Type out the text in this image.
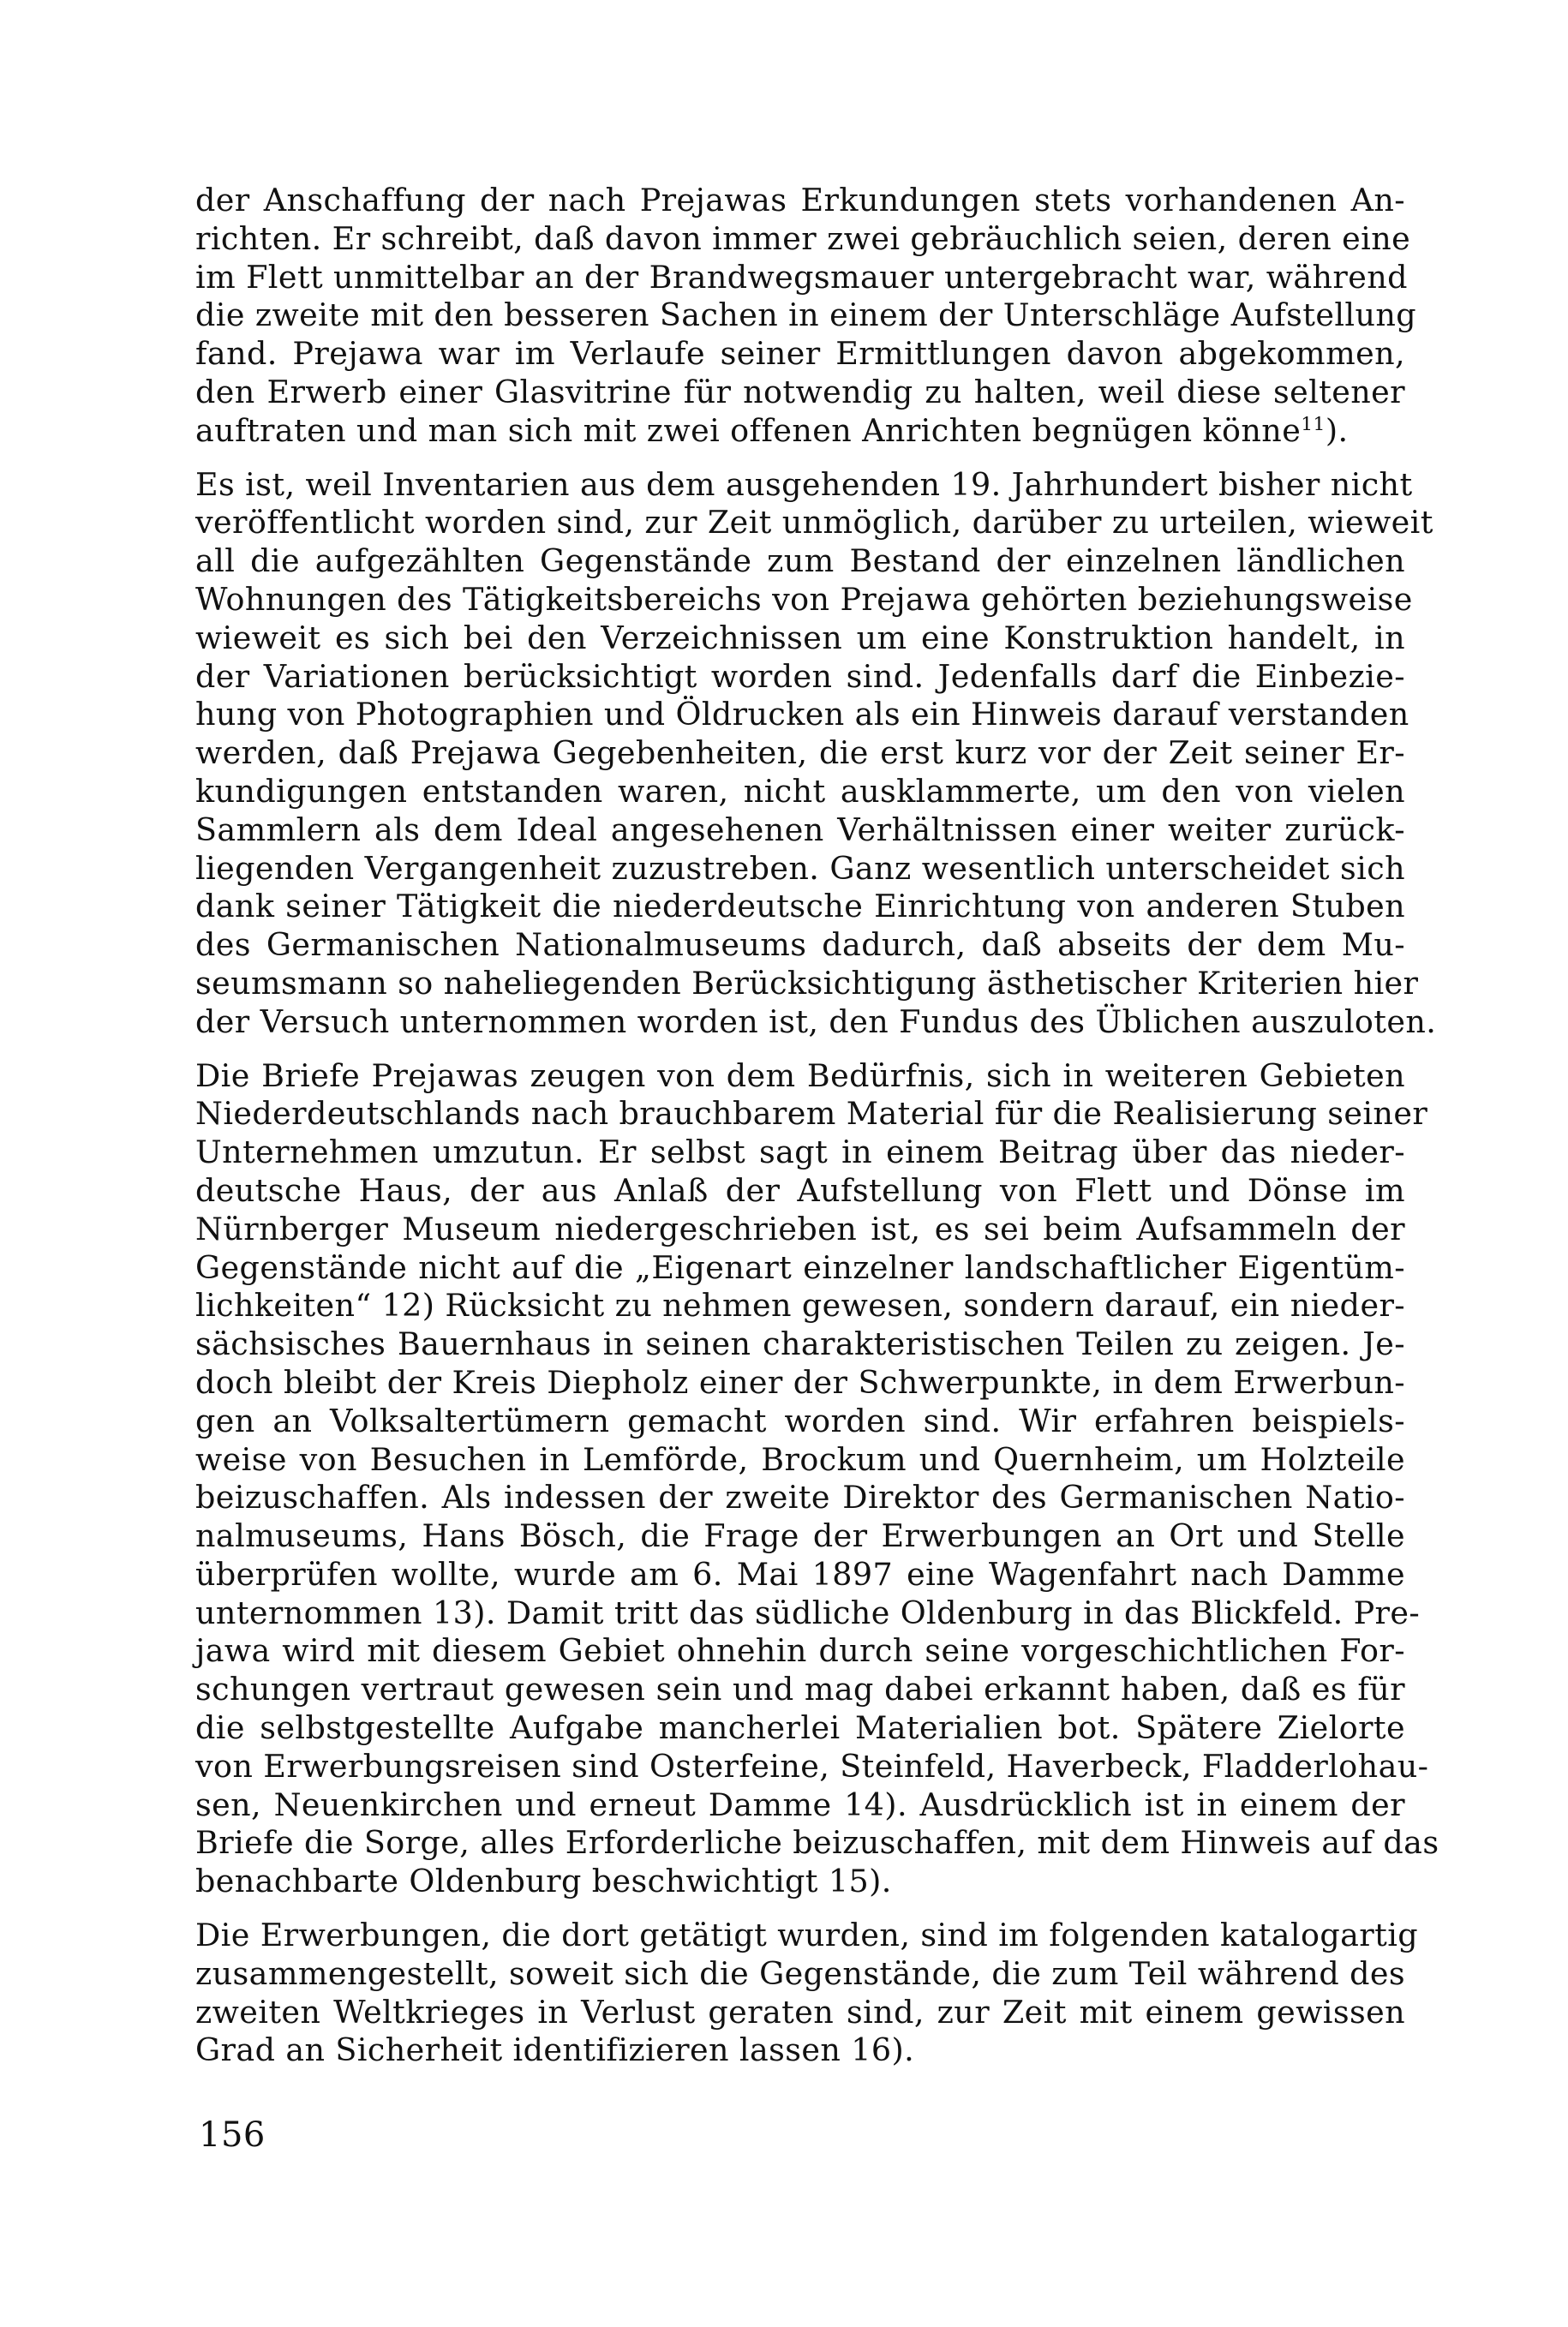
der Anschaffung der nach Prejawas Erkundungen stets vorhandenen An-
richten. Er schreibt, daß davon immer zwei gebräuchlich seien, deren eine
im Flett unmittelbar an der Brandwegsmauer untergebracht war, während
die zweite mit den besseren Sachen in einem der Unterschläge Aufstellung
fand. Prejawa war im Verlaufe seiner Ermittlungen davon abgekommen,
den Erwerb einer Glasvitrine für notwendig zu halten, weil diese seltener
auftraten und man sich mit zwei offenen Anrichten begnügen könne$^{11}$).
Es ist, weil Inventarien aus dem ausgehenden 19. Jahrhundert bisher nicht
veröffentlicht worden sind, zur Zeit unmöglich, darüber zu urteilen, wieweit
all die aufgezählten Gegenstände zum Bestand der einzelnen ländlichen
Wohnungen des Tätigkeitsbereichs von Prejawa gehörten beziehungsweise
wieweit es sich bei den Verzeichnissen um eine Konstruktion handelt, in
der Variationen berücksichtigt worden sind. Jedenfalls darf die Einbezie-
hung von Photographien und Öldrucken als ein Hinweis darauf verstanden
werden, daß Prejawa Gegebenheiten, die erst kurz vor der Zeit seiner Er-
kundigungen entstanden waren, nicht ausklammerte, um den von vielen
Sammlern als dem Ideal angesehenen Verhältnissen einer weiter zurück-
liegenden Vergangenheit zuzustreben. Ganz wesentlich unterscheidet sich
dank seiner Tätigkeit die niederdeutsche Einrichtung von anderen Stuben
des Germanischen Nationalmuseums dadurch, daß abseits der dem Mu-
seumsmann so naheliegenden Berücksichtigung ästhetischer Kriterien hier
der Versuch unternommen worden ist, den Fundus des Üblichen auszuloten.
Die Briefe Prejawas zeugen von dem Bedürfnis, sich in weiteren Gebieten
Niederdeutschlands nach brauchbarem Material für die Realisierung seiner
Unternehmen umzutun. Er selbst sagt in einem Beitrag über das nieder-
deutsche Haus, der aus Anlaß der Aufstellung von Flett und Dönse im
Nürnberger Museum niedergeschrieben ist, es sei beim Aufsammeln der
Gegenstände nicht auf die „Eigenart einzelner landschaftlicher Eigentüm-
lichkeiten“ 12) Rücksicht zu nehmen gewesen, sondern darauf, ein nieder-
sächsisches Bauernhaus in seinen charakteristischen Teilen zu zeigen. Je-
doch bleibt der Kreis Diepholz einer der Schwerpunkte, in dem Erwerbun-
gen an Volksaltertümern gemacht worden sind. Wir erfahren beispiels-
weise von Besuchen in Lemförde, Brockum und Quernheim, um Holzteile
beizuschaffen. Als indessen der zweite Direktor des Germanischen Natio-
nalmuseums, Hans Bösch, die Frage der Erwerbungen an Ort und Stelle
überprüfen wollte, wurde am 6. Mai 1897 eine Wagenfahrt nach Damme
unternommen 13). Damit tritt das südliche Oldenburg in das Blickfeld. Pre-
jawa wird mit diesem Gebiet ohnehin durch seine vorgeschichtlichen For-
schungen vertraut gewesen sein und mag dabei erkannt haben, daß es für
die selbstgestellte Aufgabe mancherlei Materialien bot. Spätere Zielorte
von Erwerbungsreisen sind Osterfeine, Steinfeld, Haverbeck, Fladderlohau-
sen, Neuenkirchen und erneut Damme 14). Ausdrücklich ist in einem der
Briefe die Sorge, alles Erforderliche beizuschaffen, mit dem Hinweis auf das
benachbarte Oldenburg beschwichtigt 15).
Die Erwerbungen, die dort getätigt wurden, sind im folgenden katalogartig
zusammengestellt, soweit sich die Gegenstände, die zum Teil während des
zweiten Weltkrieges in Verlust geraten sind, zur Zeit mit einem gewissen
Grad an Sicherheit identifizieren lassen 16).
156
